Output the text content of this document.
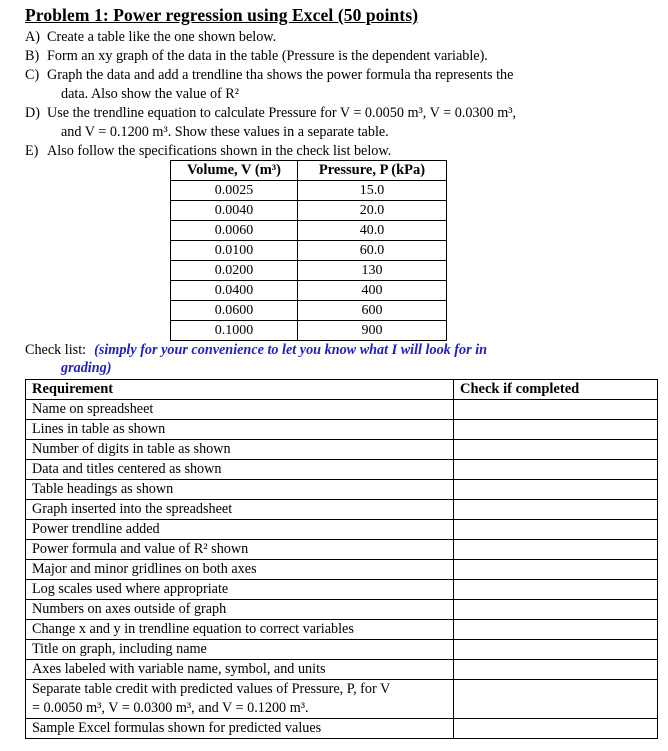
Problem 1: Power regression using Excel (50 points)
A) Create a table like the one shown below.
B) Form an xy graph of the data in the table (Pressure is the dependent variable).
C) Graph the data and add a trendline tha shows the power formula tha represents the
data. Also show the value of R²
D) Use the trendline equation to calculate Pressure for V = 0.0050 m³, V = 0.0300 m³,
and V = 0.1200 m³. Show these values in a separate table.
E) Also follow the specifications shown in the check list below.
Volume, V (m³)	Pressure, P (kPa)
0.0025	15.0
0.0040	20.0
0.0060	40.0
0.0100	60.0
0.0200	130
0.0400	400
0.0600	600
0.1000	900
Check list: (simply for your convenience to let you know what I will look for in
grading)
Requirement	Check if completed
Name on spreadsheet	
Lines in table as shown	
Number of digits in table as shown	
Data and titles centered as shown	
Table headings as shown	
Graph inserted into the spreadsheet	
Power trendline added	
Power formula and value of R² shown	
Major and minor gridlines on both axes	
Log scales used where appropriate	
Numbers on axes outside of graph	
Change x and y in trendline equation to correct variables	
Title on graph, including name	
Axes labeled with variable name, symbol, and units	

Separate table credit with predicted values of Pressure, P, for V
= 0.0050 m³, V = 0.0300 m³, and V = 0.1200 m³.	

Sample Excel formulas shown for predicted values	
